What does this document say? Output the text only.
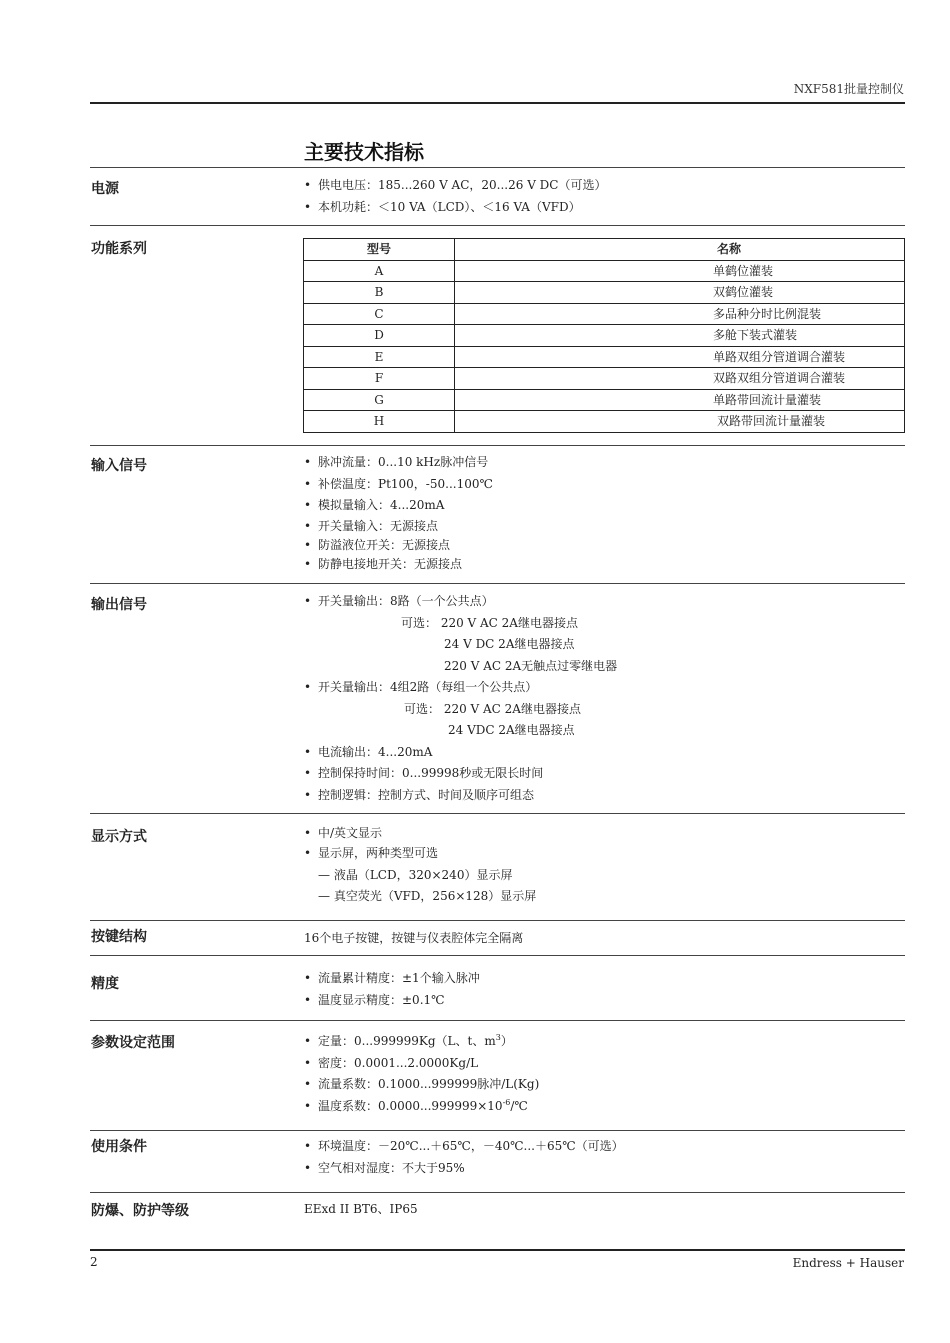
NXF581批量控制仪
主要技术指标
电源	• 供电电压：185...260 V AC，20...26 V DC（可选）
• 本机功耗：＜10 VA（LCD）、＜16 VA（VFD）
功能系列	型号	名称
A	单鹤位灌装
B	双鹤位灌装
C	多品种分时比例混装
D	多舱下装式灌装
E	单路双组分管道调合灌装
F	双路双组分管道调合灌装
G	单路带回流计量灌装
H	双路带回流计量灌装
输入信号	• 脉冲流量：0...10 kHz脉冲信号
• 补偿温度：Pt100，-50...100℃
• 模拟量输入：4...20mA
• 开关量输入：无源接点
• 防溢液位开关：无源接点
• 防静电接地开关：无源接点
输出信号	• 开关量输出：8路（一个公共点）
可选： 220 V AC 2A继电器接点
24 V DC 2A继电器接点
220 V AC 2A无触点过零继电器
• 开关量输出：4组2路（每组一个公共点）
可选： 220 V AC 2A继电器接点
24 VDC 2A继电器接点
• 电流输出：4...20mA
• 控制保持时间：0...99998秒或无限长时间
• 控制逻辑：控制方式、时间及顺序可组态
显示方式	• 中/英文显示
• 显示屏，两种类型可选
— 液晶（LCD，320×240）显示屏
— 真空荧光（VFD，256×128）显示屏
按键结构	16个电子按键，按键与仪表腔体完全隔离
精度	• 流量累计精度：±1个输入脉冲
• 温度显示精度：±0.1℃
参数设定范围	• 定量：0...999999Kg（L、t、$m^3$）
• 密度：0.0001...2.0000Kg/L
• 流量系数：0.1000...999999脉冲/L(Kg)
• 温度系数：$0.0000...999999\times 10^{-6}/℃$
使用条件	• 环境温度：－20℃...＋65℃，－40℃...＋65℃（可选）
• 空气相对湿度：不大于95%
防爆、防护等级	EExd II BT6、IP65
2	Endress + Hauser
